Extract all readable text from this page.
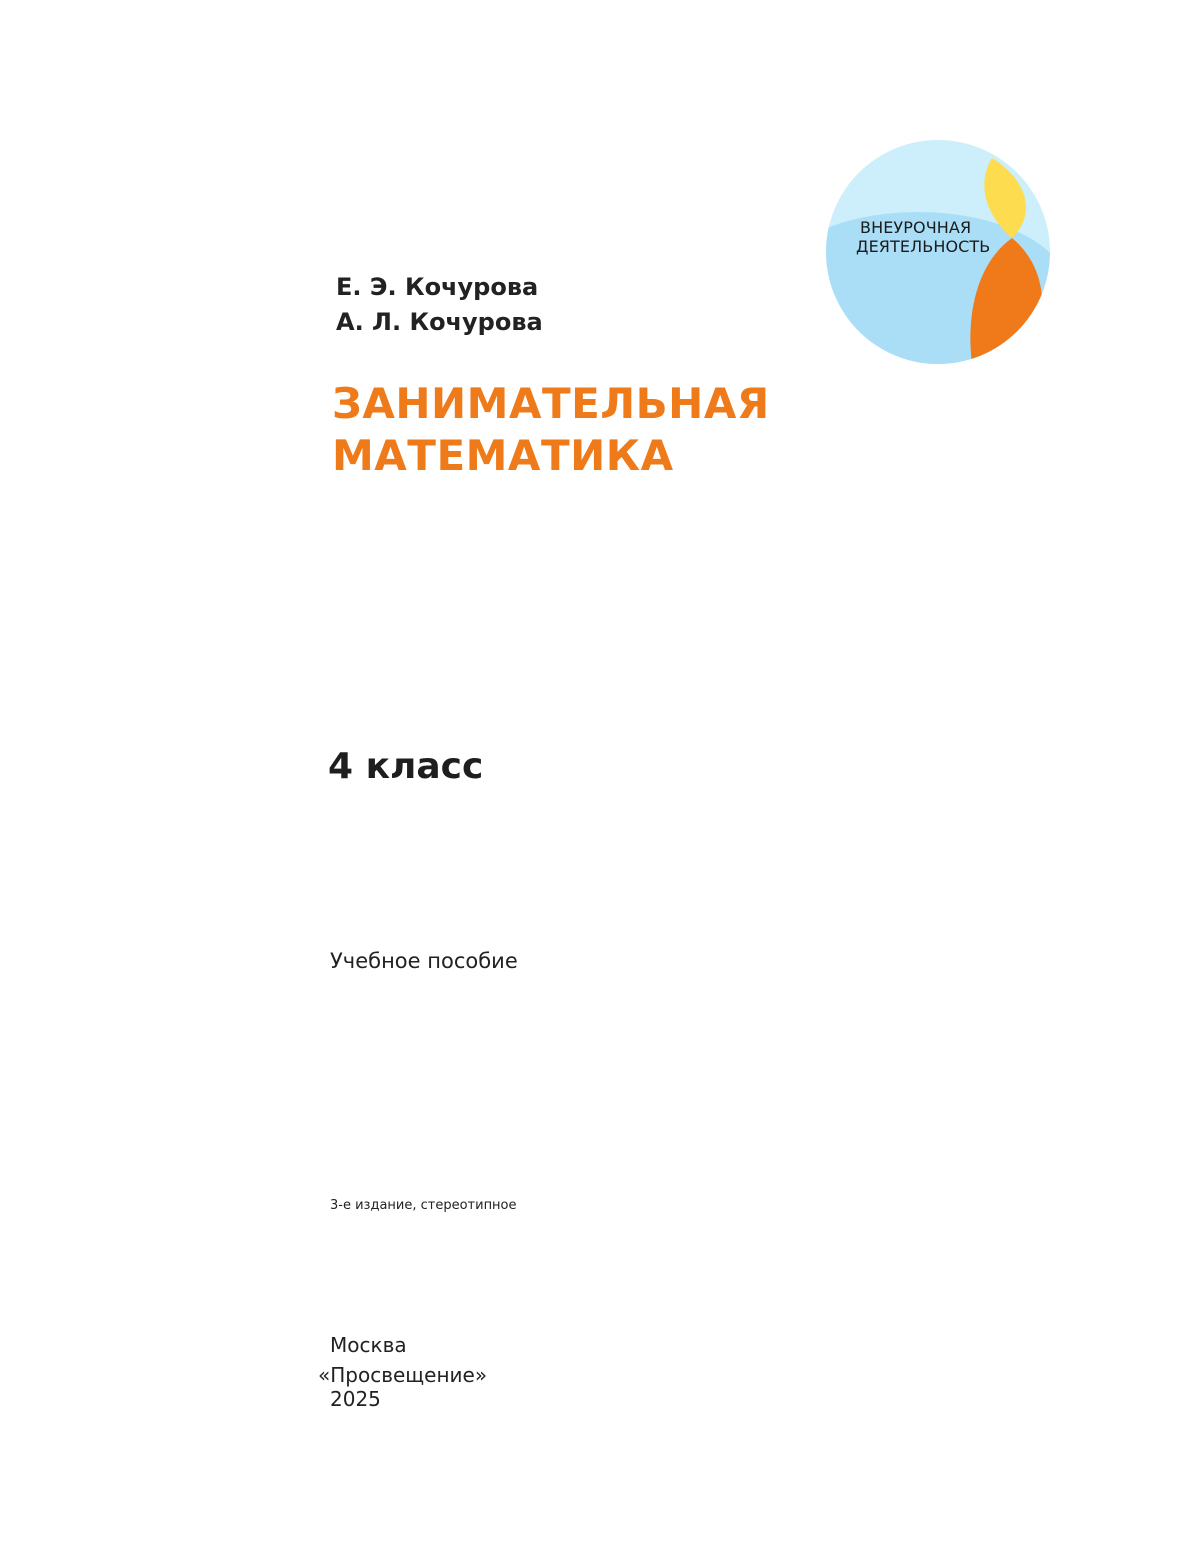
ВНЕУРОЧНАЯ
ДЕЯТЕЛЬНОСТЬ
Е. Э. Кочурова
А. Л. Кочурова
ЗАНИМАТЕЛЬНАЯ
МАТЕМАТИКА
4 класс
Учебное пособие
3-е издание, стереотипное
Москва
«Просвещение»
2025
